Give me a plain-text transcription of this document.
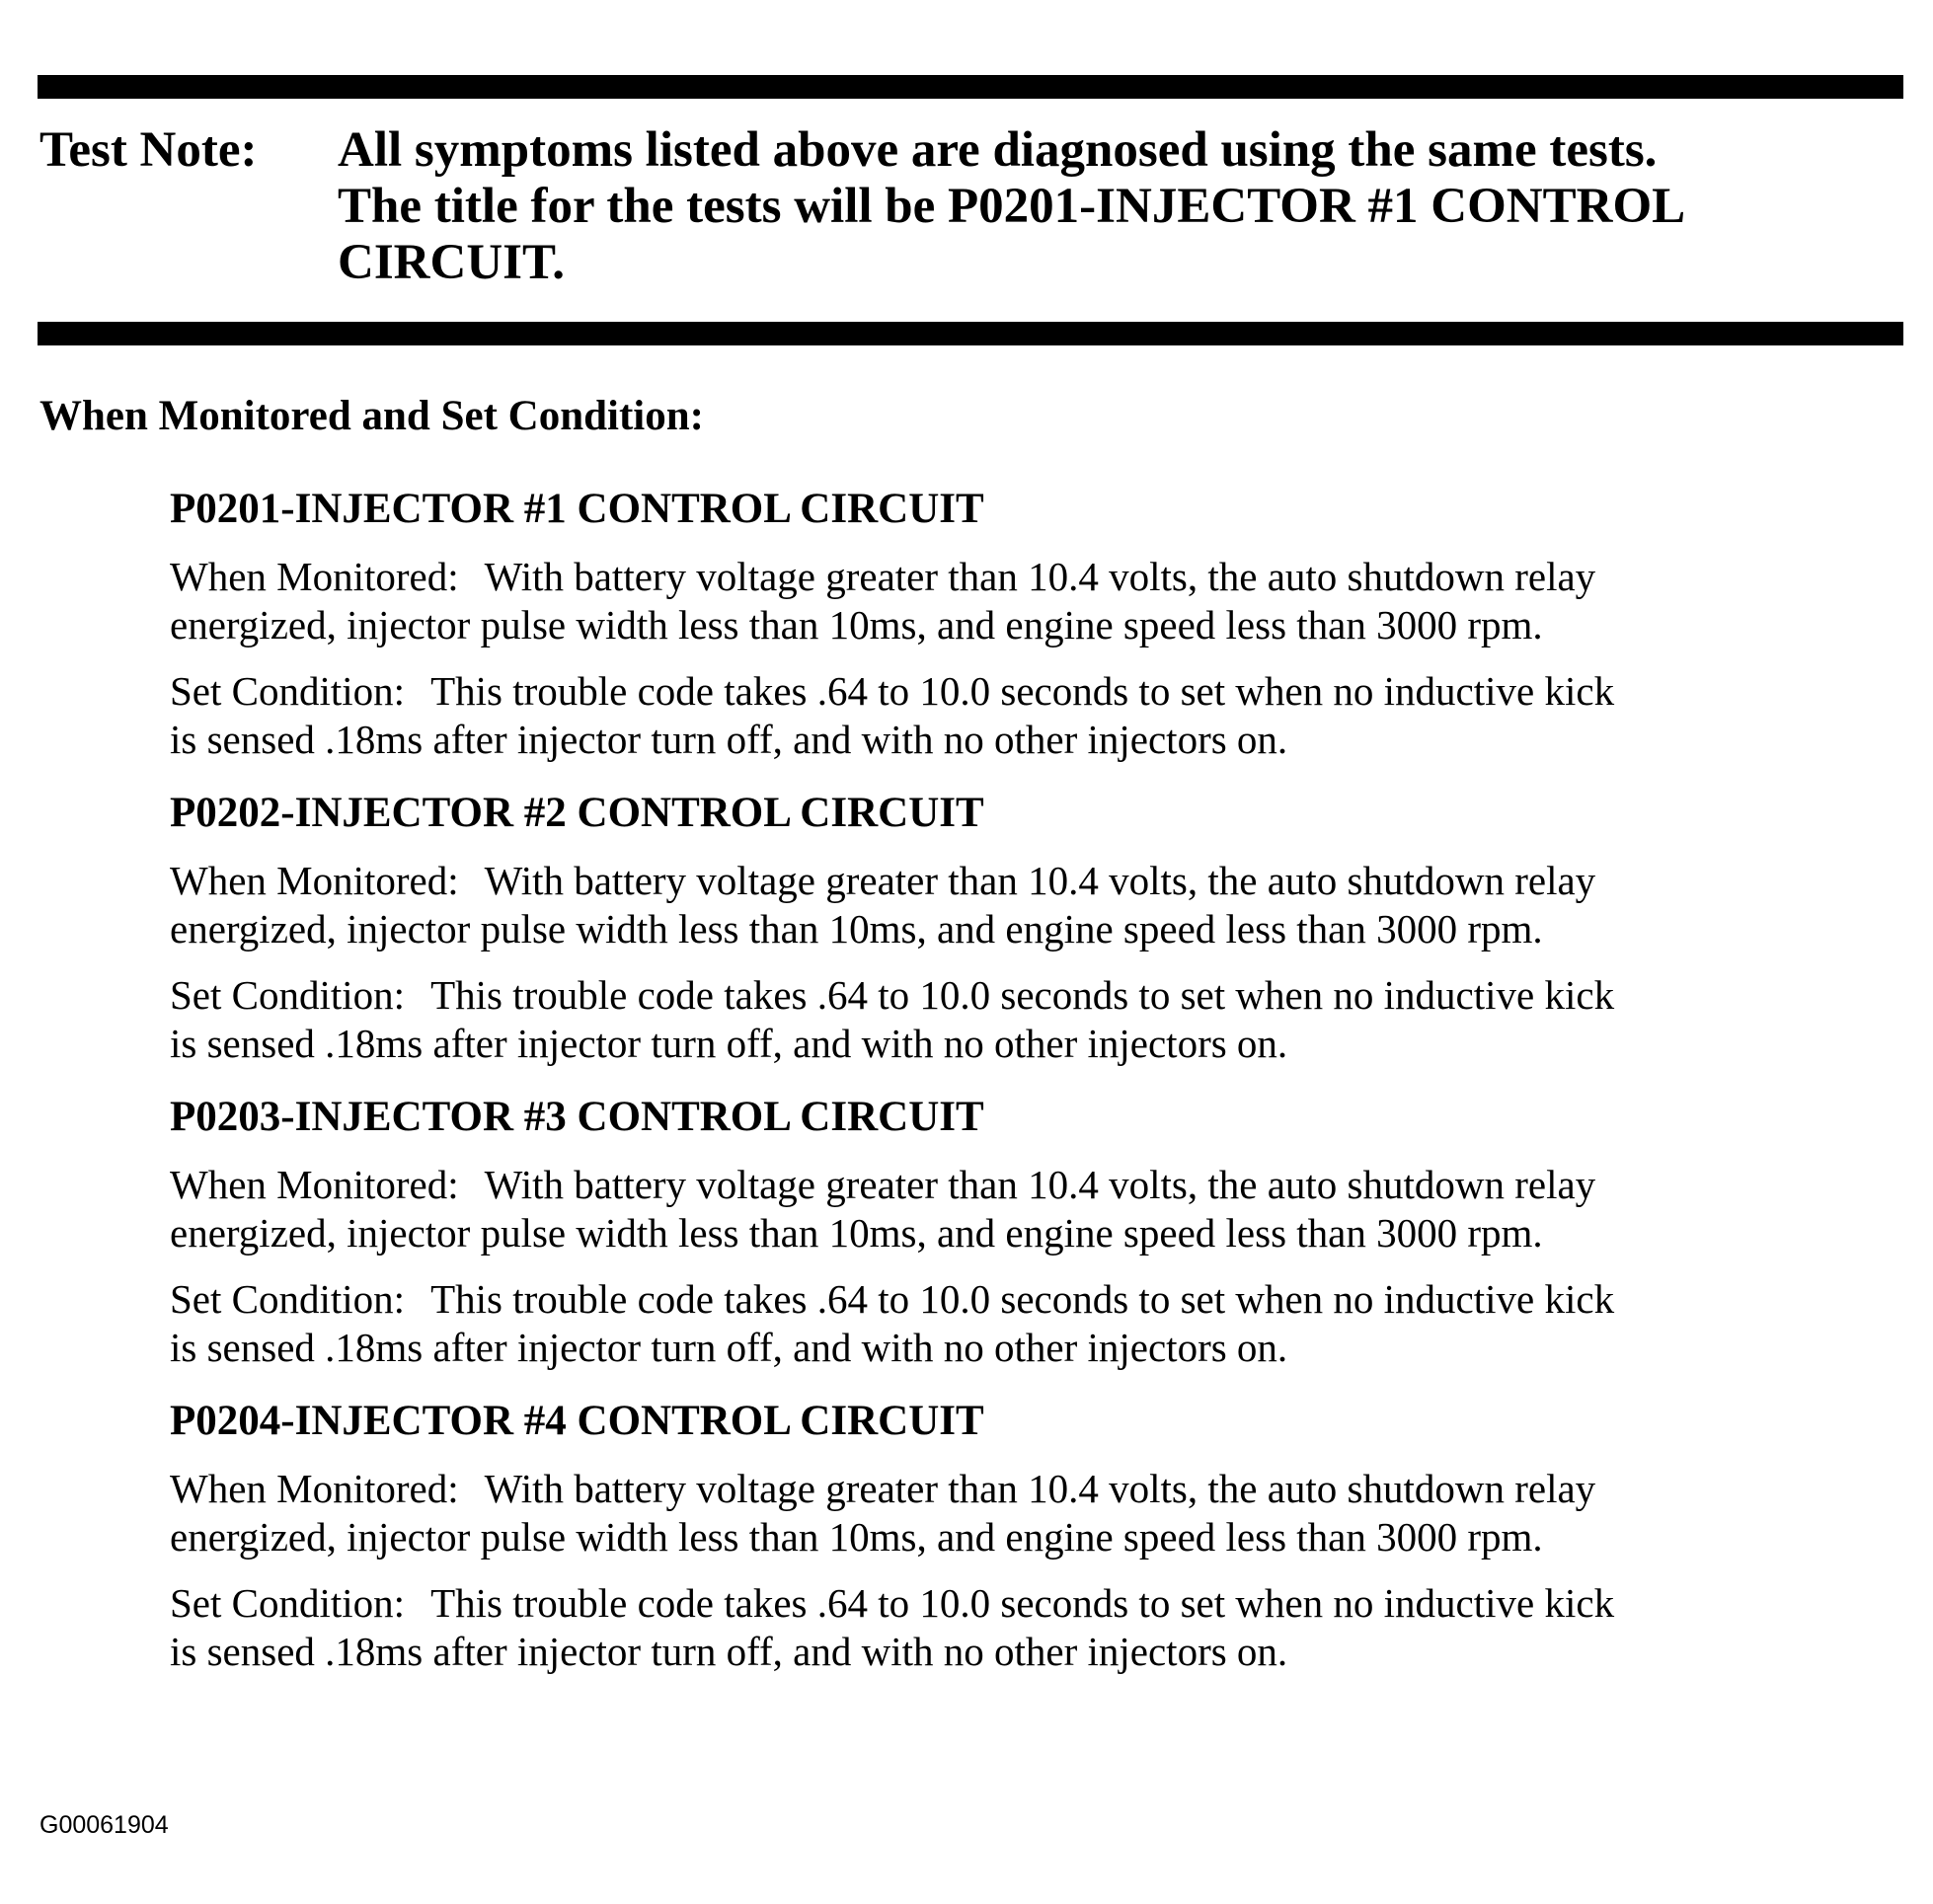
Test Note: All symptoms listed above are diagnosed using the same tests.
The title for the tests will be P0201-INJECTOR #1 CONTROL
CIRCUIT.
When Monitored and Set Condition:
P0201-INJECTOR #1 CONTROL CIRCUIT
When Monitored: With battery voltage greater than 10.4 volts, the auto shutdown relay
energized, injector pulse width less than 10ms, and engine speed less than 3000 rpm.
Set Condition: This trouble code takes .64 to 10.0 seconds to set when no inductive kick
is sensed .18ms after injector turn off, and with no other injectors on.
P0202-INJECTOR #2 CONTROL CIRCUIT
When Monitored: With battery voltage greater than 10.4 volts, the auto shutdown relay
energized, injector pulse width less than 10ms, and engine speed less than 3000 rpm.
Set Condition: This trouble code takes .64 to 10.0 seconds to set when no inductive kick
is sensed .18ms after injector turn off, and with no other injectors on.
P0203-INJECTOR #3 CONTROL CIRCUIT
When Monitored: With battery voltage greater than 10.4 volts, the auto shutdown relay
energized, injector pulse width less than 10ms, and engine speed less than 3000 rpm.
Set Condition: This trouble code takes .64 to 10.0 seconds to set when no inductive kick
is sensed .18ms after injector turn off, and with no other injectors on.
P0204-INJECTOR #4 CONTROL CIRCUIT
When Monitored: With battery voltage greater than 10.4 volts, the auto shutdown relay
energized, injector pulse width less than 10ms, and engine speed less than 3000 rpm.
Set Condition: This trouble code takes .64 to 10.0 seconds to set when no inductive kick
is sensed .18ms after injector turn off, and with no other injectors on.
G00061904
